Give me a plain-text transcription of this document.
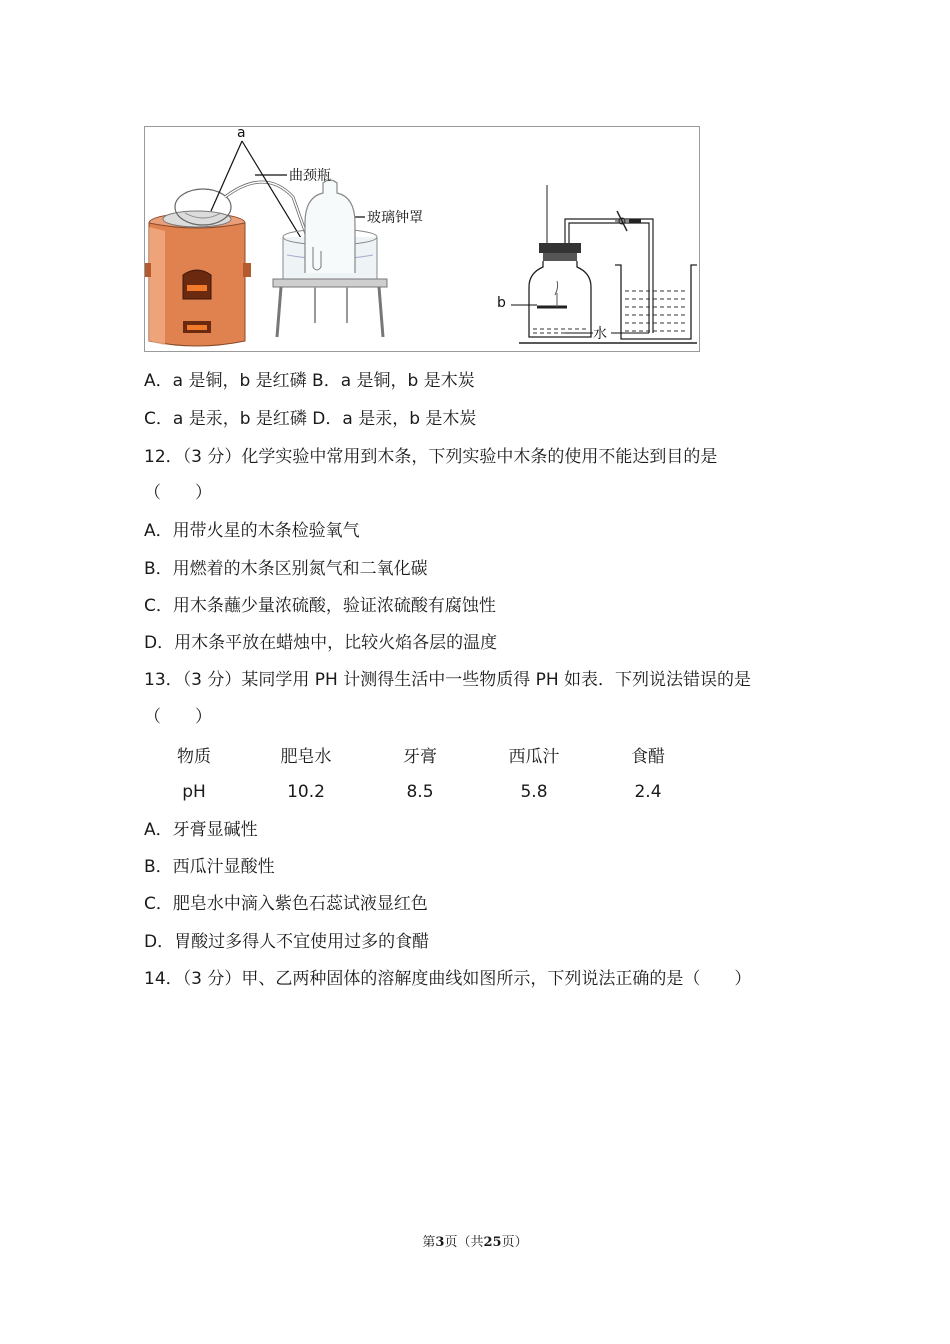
a
曲颈瓶
玻璃钟罩
b
水
A．a 是铜，b 是红磷 B．a 是铜，b 是木炭
C．a 是汞，b 是红磷 D．a 是汞，b 是木炭
12．（3 分）化学实验中常用到木条，下列实验中木条的使用不能达到目的是
（　　）
A．用带火星的木条检验氧气
B．用燃着的木条区别氮气和二氧化碳
C．用木条蘸少量浓硫酸，验证浓硫酸有腐蚀性
D．用木条平放在蜡烛中，比较火焰各层的温度
13．（3 分）某同学用 PH 计测得生活中一些物质得 PH 如表．下列说法错误的是
（　　）
物质	肥皂水	牙膏	西瓜汁	食醋
pH	10.2	8.5	5.8	2.4
A．牙膏显碱性
B．西瓜汁显酸性
C．肥皂水中滴入紫色石蕊试液显红色
D．胃酸过多得人不宜使用过多的食醋
14．（3 分）甲、乙两种固体的溶解度曲线如图所示，下列说法正确的是（　　）
第3页（共25页）
